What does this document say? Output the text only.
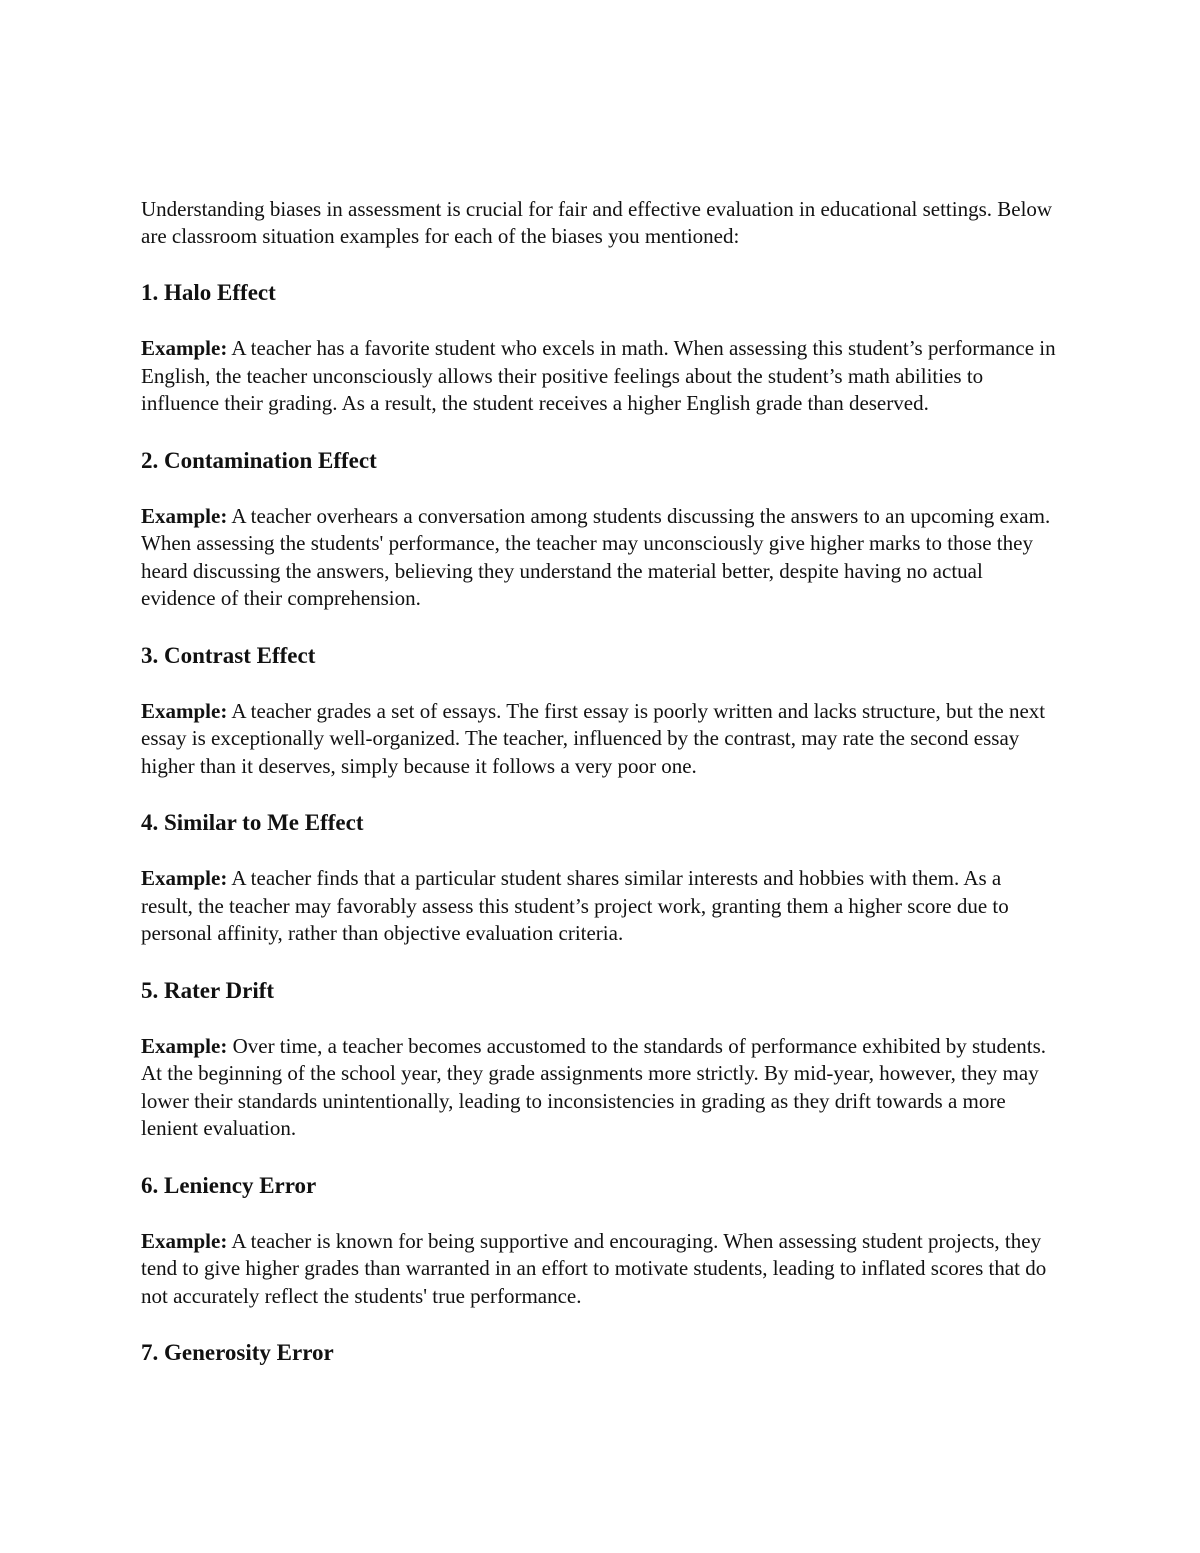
Understanding biases in assessment is crucial for fair and effective evaluation in educational settings. Below are classroom situation examples for each of the biases you mentioned:

1. Halo Effect

Example: A teacher has a favorite student who excels in math. When assessing this student’s performance in English, the teacher unconsciously allows their positive feelings about the student’s math abilities to influence their grading. As a result, the student receives a higher English grade than deserved.

2. Contamination Effect

Example: A teacher overhears a conversation among students discussing the answers to an upcoming exam. When assessing the students' performance, the teacher may unconsciously give higher marks to those they heard discussing the answers, believing they understand the material better, despite having no actual evidence of their comprehension.

3. Contrast Effect

Example: A teacher grades a set of essays. The first essay is poorly written and lacks structure, but the next essay is exceptionally well-organized. The teacher, influenced by the contrast, may rate the second essay higher than it deserves, simply because it follows a very poor one.

4. Similar to Me Effect

Example: A teacher finds that a particular student shares similar interests and hobbies with them. As a result, the teacher may favorably assess this student’s project work, granting them a higher score due to personal affinity, rather than objective evaluation criteria.

5. Rater Drift

Example: Over time, a teacher becomes accustomed to the standards of performance exhibited by students. At the beginning of the school year, they grade assignments more strictly. By mid-year, however, they may lower their standards unintentionally, leading to inconsistencies in grading as they drift towards a more lenient evaluation.

6. Leniency Error

Example: A teacher is known for being supportive and encouraging. When assessing student projects, they tend to give higher grades than warranted in an effort to motivate students, leading to inflated scores that do not accurately reflect the students' true performance.

7. Generosity Error
